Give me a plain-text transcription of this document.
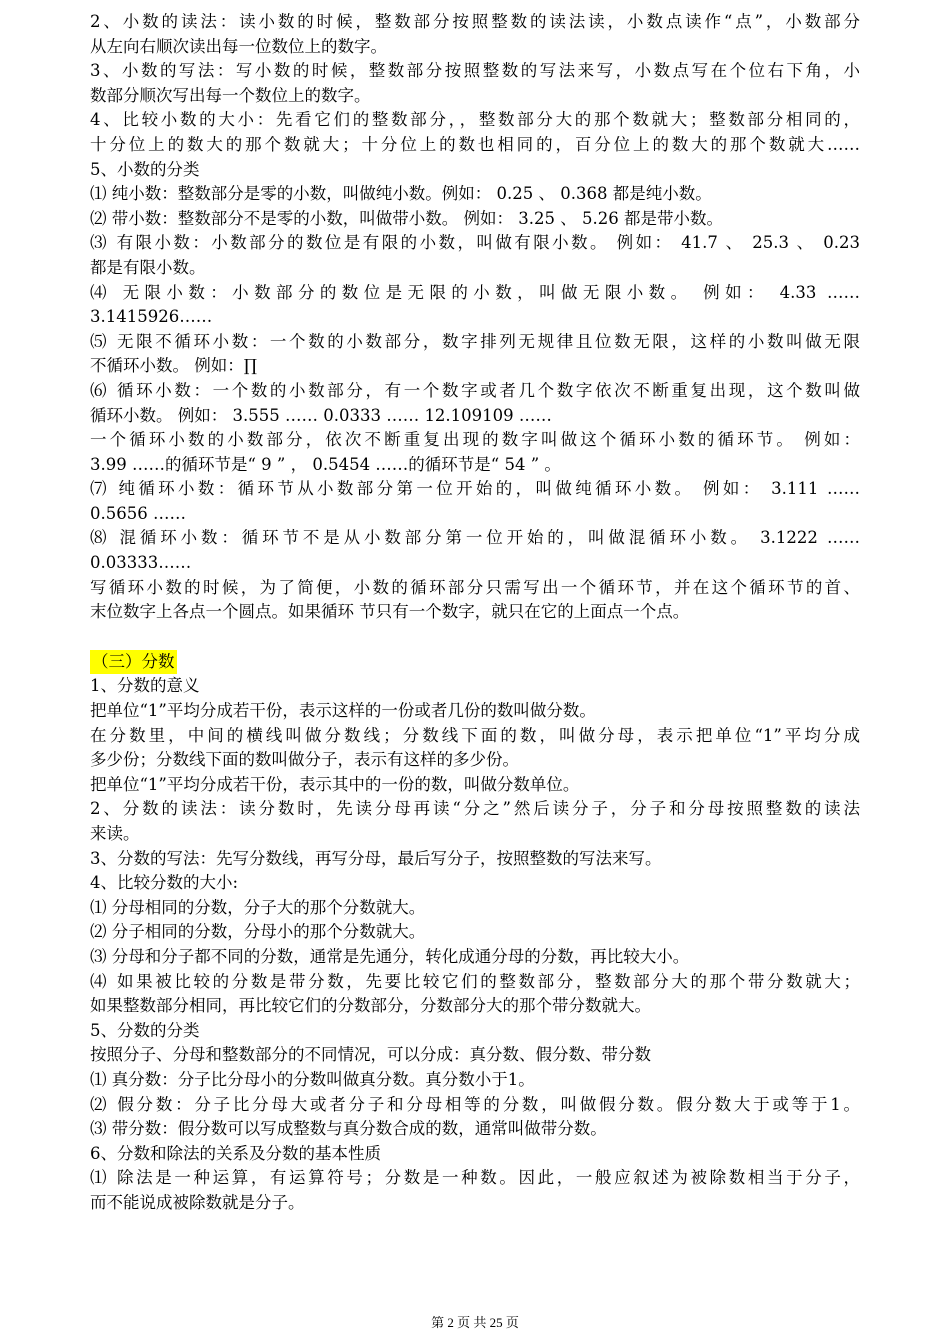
2、小数的读法：读小数的时候，整数部分按照整数的读法读，小数点读作“点”，小数部分
从左向右顺次读出每一位数位上的数字。
3、小数的写法：写小数的时候，整数部分按照整数的写法来写，小数点写在个位右下角，小
数部分顺次写出每一个数位上的数字。
4、比较小数的大小：先看它们的整数部分，，整数部分大的那个数就大；整数部分相同的，
十分位上的数大的那个数就大；十分位上的数也相同的，百分位上的数大的那个数就大……
5、小数的分类
⑴ 纯小数：整数部分是零的小数，叫做纯小数。例如： 0.25 、 0.368 都是纯小数。
⑵ 带小数：整数部分不是零的小数，叫做带小数。 例如： 3.25 、 5.26 都是带小数。
⑶ 有限小数：小数部分的数位是有限的小数，叫做有限小数。 例如： 41.7 、 25.3 、 0.23
都是有限小数。
⑷ 无限小数：小数部分的数位是无限的小数，叫做无限小数。 例如： 4.33 ……
3.1415926……
⑸ 无限不循环小数：一个数的小数部分，数字排列无规律且位数无限，这样的小数叫做无限
不循环小数。 例如：∏
⑹ 循环小数：一个数的小数部分，有一个数字或者几个数字依次不断重复出现，这个数叫做
循环小数。 例如： 3.555 …… 0.0333 …… 12.109109 ……
一个循环小数的小数部分，依次不断重复出现的数字叫做这个循环小数的循环节。 例如：
3.99 ……的循环节是“ 9 ” ， 0.5454 ……的循环节是“ 54 ” 。
⑺ 纯循环小数：循环节从小数部分第一位开始的，叫做纯循环小数。 例如： 3.111 ……
0.5656 ……
⑻ 混循环小数：循环节不是从小数部分第一位开始的，叫做混循环小数。 3.1222 ……
0.03333……
写循环小数的时候，为了简便，小数的循环部分只需写出一个循环节，并在这个循环节的首、
末位数字上各点一个圆点。如果循环 节只有一个数字，就只在它的上面点一个点。
（三）分数
1、分数的意义
把单位“1”平均分成若干份，表示这样的一份或者几份的数叫做分数。
在分数里，中间的横线叫做分数线；分数线下面的数，叫做分母，表示把单位“1”平均分成
多少份；分数线下面的数叫做分子，表示有这样的多少份。
把单位“1”平均分成若干份，表示其中的一份的数，叫做分数单位。
2、分数的读法：读分数时，先读分母再读“分之”然后读分子，分子和分母按照整数的读法
来读。
3、分数的写法：先写分数线，再写分母，最后写分子，按照整数的写法来写。
4、比较分数的大小:
⑴ 分母相同的分数，分子大的那个分数就大。
⑵ 分子相同的分数，分母小的那个分数就大。
⑶ 分母和分子都不同的分数，通常是先通分，转化成通分母的分数，再比较大小。
⑷ 如果被比较的分数是带分数，先要比较它们的整数部分，整数部分大的那个带分数就大；
如果整数部分相同，再比较它们的分数部分，分数部分大的那个带分数就大。
5、分数的分类
按照分子、分母和整数部分的不同情况，可以分成：真分数、假分数、带分数
⑴ 真分数：分子比分母小的分数叫做真分数。真分数小于1。
⑵ 假分数：分子比分母大或者分子和分母相等的分数，叫做假分数。假分数大于或等于1。
⑶ 带分数：假分数可以写成整数与真分数合成的数，通常叫做带分数。
6、分数和除法的关系及分数的基本性质
⑴ 除法是一种运算，有运算符号；分数是一种数。因此，一般应叙述为被除数相当于分子，
而不能说成被除数就是分子。
第 2 页 共 25 页
